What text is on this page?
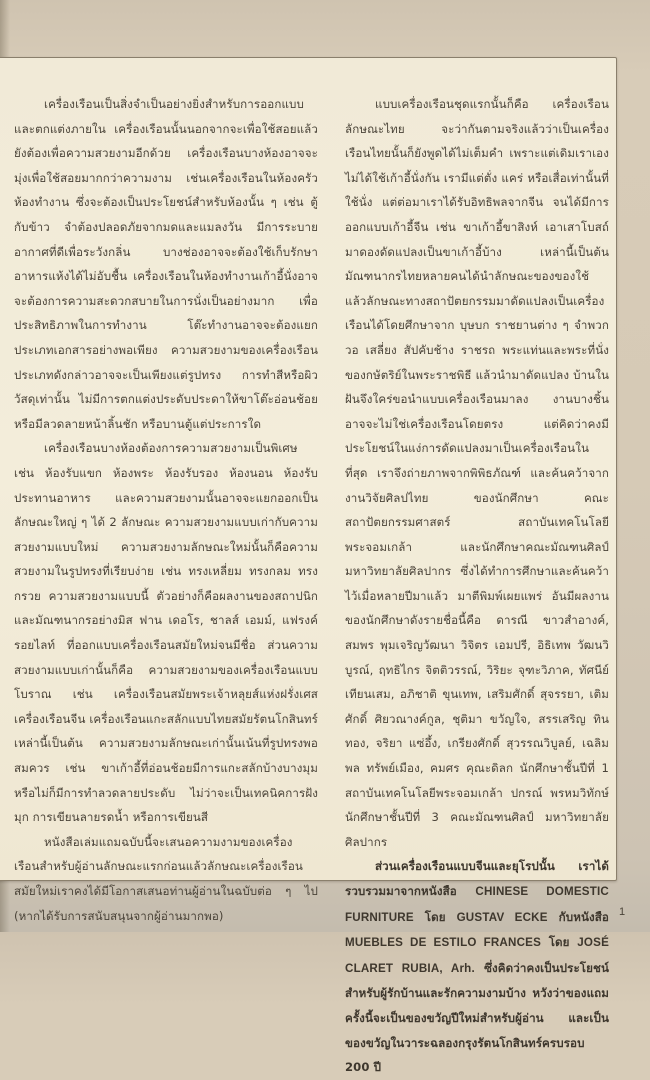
เครื่องเรือนเป็นสิ่งจำเป็นอย่างยิ่งสำหรับการออกแบบและตกแต่งภายใน เครื่องเรือนนั้นนอกจากจะเพื่อใช้สอยแล้ว ยังต้องเพื่อความสวยงามอีกด้วย เครื่องเรือนบางห้องอาจจะมุ่งเพื่อใช้สอยมากกว่าความงาม เช่นเครื่องเรือนในห้องครัว ห้องทำงาน ซึ่งจะต้องเป็นประโยชน์สำหรับห้องนั้น ๆ เช่น ตู้กับข้าว จำต้องปลอดภัยจากมดและแมลงวัน มีการระบายอากาศที่ดีเพื่อระวังกลิ่น บางช่องอาจจะต้องใช้เก็บรักษาอาหารแห้งได้ไม่อับชื้น เครื่องเรือนในห้องทำงานเก้าอี้นั่งอาจจะต้องการความสะดวกสบายในการนั่งเป็นอย่างมาก เพื่อประสิทธิภาพในการทำงาน โต๊ะทำงานอาจจะต้องแยกประเภทเอกสารอย่างพอเพียง ความสวยงามของเครื่องเรือนประเภทดังกล่าวอาจจะเป็นเพียงแต่รูปทรง การทำสีหรือผิววัสดุเท่านั้น ไม่มีการตกแต่งประดับประดาให้ขาโต๊ะอ่อนช้อย หรือมีลวดลายหน้าลิ้นชัก หรือบานตู้แต่ประการใด

เครื่องเรือนบางห้องต้องการความสวยงามเป็นพิเศษ เช่น ห้องรับแขก ห้องพระ ห้องรับรอง ห้องนอน ห้องรับประทานอาหาร และความสวยงามนั้นอาจจะแยกออกเป็นลักษณะใหญ่ ๆ ได้ 2 ลักษณะ ความสวยงามแบบเก่ากับความสวยงามแบบใหม่ ความสวยงามลักษณะใหม่นั้นก็คือความสวยงามในรูปทรงที่เรียบง่าย เช่น ทรงเหลี่ยม ทรงกลม ทรงกรวย ความสวยงามแบบนี้ ตัวอย่างก็คือผลงานของสถาปนิกและมัณฑนากรอย่างมิส ฟาน เดอโร, ชาลส์ เอมม์, แฟรงค์ รอยไลท์ ที่ออกแบบเครื่องเรือนสมัยใหม่จนมีชื่อ ส่วนความสวยงามแบบเก่านั้นก็คือ ความสวยงามของเครื่องเรือนแบบโบราณ เช่น เครื่องเรือนสมัยพระเจ้าหลุยส์แห่งฝรั่งเศส เครื่องเรือนจีน เครื่องเรือนแกะสลักแบบไทยสมัยรัตนโกสินทร์ เหล่านี้เป็นต้น ความสวยงามลักษณะเก่านั้นเน้นที่รูปทรงพอสมควร เช่น ขาเก้าอี้ที่อ่อนช้อยมีการแกะสลักบ้างบางมุม หรือไม่ก็มีการทำลวดลายประดับ ไม่ว่าจะเป็นเทคนิคการฝังมุก การเขียนลายรดน้ำ หรือการเขียนสี

หนังสือเล่มแถมฉบับนี้จะเสนอความงามของเครื่องเรือนสำหรับผู้อ่านลักษณะแรกก่อนแล้วลักษณะเครื่องเรือนสมัยใหม่เราคงได้มีโอกาสเสนอท่านผู้อ่านในฉบับต่อ ๆ ไป (หากได้รับการสนับสนุนจากผู้อ่านมากพอ)

แบบเครื่องเรือนชุดแรกนั้นก็คือ เครื่องเรือนลักษณะไทย จะว่ากันตามจริงแล้วว่าเป็นเครื่องเรือนไทยนั้นก็ยังพูดได้ไม่เต็มคำ เพราะแต่เดิมเราเองไม่ได้ใช้เก้าอี้นั่งกัน เรามีแต่ตั่ง แคร่ หรือเสื่อเท่านั้นที่ใช้นั่ง แต่ต่อมาเราได้รับอิทธิพลจากจีน จนได้มีการออกแบบเก้าอี้จีน เช่น ขาเก้าอี้ขาสิงห์ เอาเสาโบสถ์มาดองดัดแปลงเป็นขาเก้าอี้บ้าง เหล่านี้เป็นต้น มัณฑนากรไทยหลายคนได้นำลักษณะของของใช้แล้วลักษณะทางสถาปัตยกรรมมาดัดแปลงเป็นเครื่องเรือนได้โดยศึกษาจาก บุษบก ราชยานต่าง ๆ จำพวก วอ เสลี่ยง สัปคับช้าง ราชรถ พระแท่นและพระที่นั่งของกษัตริย์ในพระราชพิธี แล้วนำมาดัดแปลง บ้านในฝันจึงใคร่ขอนำแบบเครื่องเรือนมาลง งานบางชิ้นอาจจะไม่ใช่เครื่องเรือนโดยตรง แต่คิดว่าคงมีประโยชน์ในแง่การดัดแปลงมาเป็นเครื่องเรือนในที่สุด เราจึงถ่ายภาพจากพิพิธภัณฑ์ และค้นคว้าจากงานวิจัยศิลปไทย ของนักศึกษา คณะสถาปัตยกรรมศาสตร์ สถาบันเทคโนโลยีพระจอมเกล้า และนักศึกษาคณะมัณฑนศิลป์ มหาวิทยาลัยศิลปากร ซึ่งได้ทำการศึกษาและค้นคว้าไว้เมื่อหลายปีมาแล้ว มาตีพิมพ์เผยแพร่ อันมีผลงานของนักศึกษาดังรายชื่อนี้คือ ดารณี ขาวสำอางค์, สมพร พุมเจริญวัฒนา วิจิตร เอมปรี, อิธิเทพ วัฒนวิบูรณ์, ฤทธิไกร จิตติวรรณ์, วิริยะ จุฑะวิภาค, ทัศนีย์ เทียนเสม, อภิชาติ ขุนเทพ, เสริมศักดิ์ สุจรรยา, เติมศักดิ์ ศิยวณางค์กูล, ชุติมา ขวัญใจ, สรรเสริญ ทินทอง, จริยา แซ่อึ้ง, เกรียงศักดิ์ สุวรรณวิบูลย์, เฉลิมพล ทรัพย์เมือง, คมศร คุณะดิลก นักศึกษาชั้นปีที่ 1 สถาบันเทคโนโลยีพระจอมเกล้า ปกรณ์ พรหมวิทักษ์ นักศึกษาชั้นปีที่ 3 คณะมัณฑนศิลป์ มหาวิทยาลัยศิลปากร

ส่วนเครื่องเรือนแบบจีนและยุโรปนั้น เราได้รวบรวมมาจากหนังสือ CHINESE DOMESTIC FURNITURE โดย GUSTAV ECKE กับหนังสือ MUEBLES DE ESTILO FRANCES โดย JOSÉ CLARET RUBIA, Arh. ซึ่งคิดว่าคงเป็นประโยชน์สำหรับผู้รักบ้านและรักความงามบ้าง หวังว่าของแถมครั้งนี้จะเป็นของขวัญปีใหม่สำหรับผู้อ่าน และเป็นของขวัญในวาระฉลองกรุงรัตนโกสินทร์ครบรอบ 200 ปี

1
